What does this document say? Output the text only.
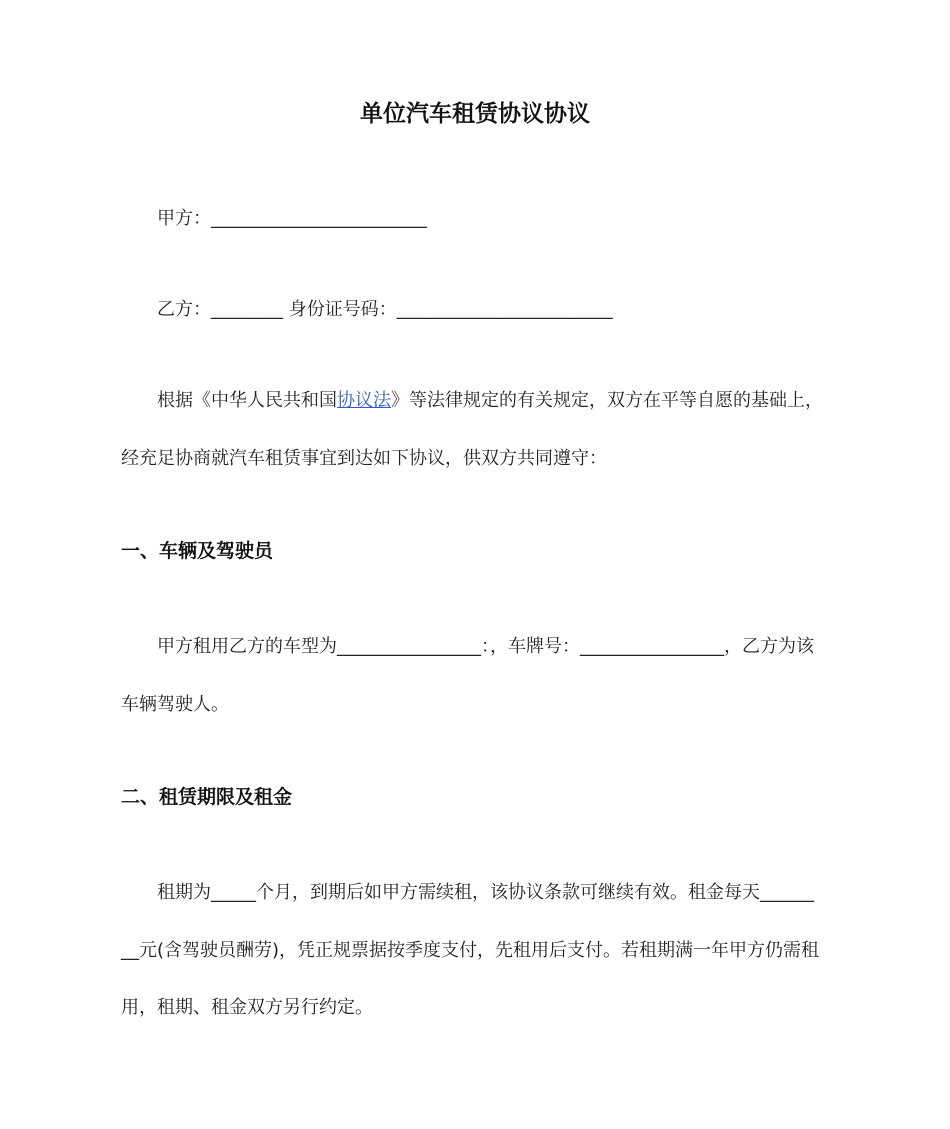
单位汽车租赁协议协议
甲方：________________________
乙方：________ 身份证号码：________________________
根据《中华人民共和国协议法》等法律规定的有关规定，双方在平等自愿的基础上，
经充足协商就汽车租赁事宜到达如下协议，供双方共同遵守：
一、车辆及驾驶员
甲方租用乙方的车型为________________：，车牌号：________________，乙方为该
车辆驾驶人。
二、租赁期限及租金
租期为_____个月，到期后如甲方需续租，该协议条款可继续有效。租金每天______
__元(含驾驶员酬劳)，凭正规票据按季度支付，先租用后支付。若租期满一年甲方仍需租
用，租期、租金双方另行约定。
